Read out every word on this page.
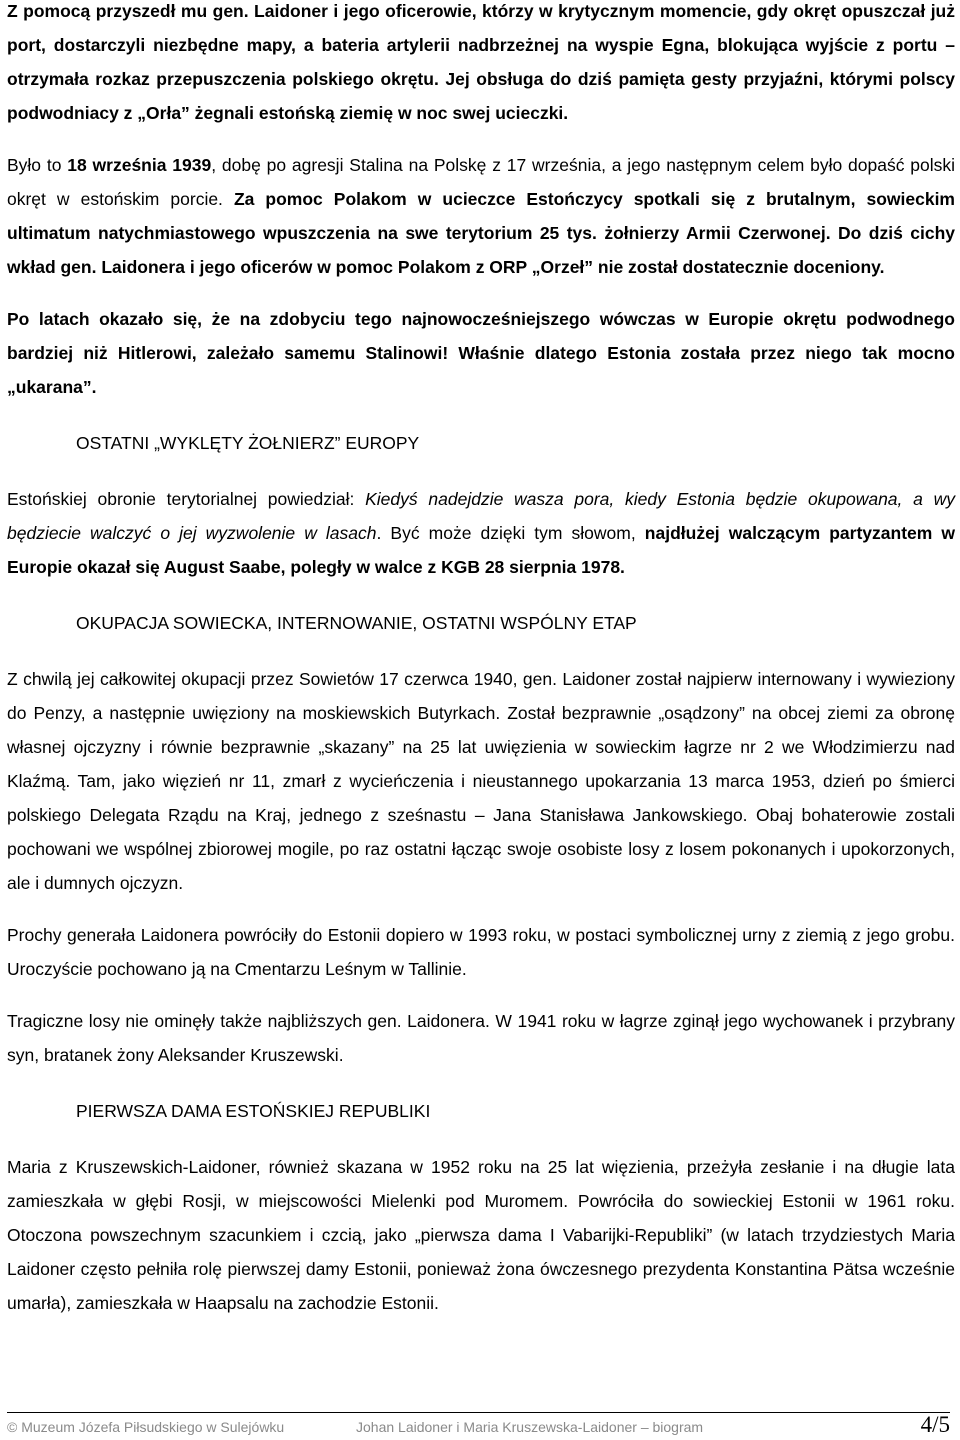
Z pomocą przyszedł mu gen. Laidoner i jego oficerowie, którzy w krytycznym momencie, gdy okręt opuszczał już port, dostarczyli niezbędne mapy, a bateria artylerii nadbrzeżnej na wyspie Egna, blokująca wyjście z portu – otrzymała rozkaz przepuszczenia polskiego okrętu. Jej obsługa do dziś pamięta gesty przyjaźni, którymi polscy podwodniacy z „Orła” żegnali estońską ziemię w noc swej ucieczki.

Było to 18 września 1939, dobę po agresji Stalina na Polskę z 17 września, a jego następnym celem było dopaść polski okręt w estońskim porcie. Za pomoc Polakom w ucieczce Estończycy spotkali się z brutalnym, sowieckim ultimatum natychmiastowego wpuszczenia na swe terytorium 25 tys. żołnierzy Armii Czerwonej. Do dziś cichy wkład gen. Laidonera i jego oficerów w pomoc Polakom z ORP „Orzeł” nie został dostatecznie doceniony.

Po latach okazało się, że na zdobyciu tego najnowocześniejszego wówczas w Europie okrętu podwodnego bardziej niż Hitlerowi, zależało samemu Stalinowi! Właśnie dlatego Estonia została przez niego tak mocno „ukarana”.

OSTATNI „WYKLĘTY ŻOŁNIERZ” EUROPY

Estońskiej obronie terytorialnej powiedział: Kiedyś nadejdzie wasza pora, kiedy Estonia będzie okupowana, a wy będziecie walczyć o jej wyzwolenie w lasach. Być może dzięki tym słowom, najdłużej walczącym partyzantem w Europie okazał się August Saabe, poległy w walce z KGB 28 sierpnia 1978.

OKUPACJA SOWIECKA, INTERNOWANIE, OSTATNI WSPÓLNY ETAP

Z chwilą jej całkowitej okupacji przez Sowietów 17 czerwca 1940, gen. Laidoner został najpierw internowany i wywieziony do Penzy, a następnie uwięziony na moskiewskich Butyrkach. Został bezprawnie „osądzony” na obcej ziemi za obronę własnej ojczyzny i równie bezprawnie „skazany” na 25 lat uwięzienia w sowieckim łagrze nr 2 we Włodzimierzu nad Klaźmą. Tam, jako więzień nr 11, zmarł z wycieńczenia i nieustannego upokarzania 13 marca 1953, dzień po śmierci polskiego Delegata Rządu na Kraj, jednego z sześnastu – Jana Stanisława Jankowskiego. Obaj bohaterowie zostali pochowani we wspólnej zbiorowej mogile, po raz ostatni łącząc swoje osobiste losy z losem pokonanych i upokorzonych, ale i dumnych ojczyzn.

Prochy generała Laidonera powróciły do Estonii dopiero w 1993 roku, w postaci symbolicznej urny z ziemią z jego grobu. Uroczyście pochowano ją na Cmentarzu Leśnym w Tallinie.

Tragiczne losy nie ominęły także najbliższych gen. Laidonera. W 1941 roku w łagrze zginął jego wychowanek i przybrany syn, bratanek żony Aleksander Kruszewski.

PIERWSZA DAMA ESTOŃSKIEJ REPUBLIKI

Maria z Kruszewskich-Laidoner, również skazana w 1952 roku na 25 lat więzienia, przeżyła zesłanie i na długie lata zamieszkała w głębi Rosji, w miejscowości Mielenki pod Muromem. Powróciła do sowieckiej Estonii w 1961 roku. Otoczona powszechnym szacunkiem i czcią, jako „pierwsza dama I Vabarijki-Republiki” (w latach trzydziestych Maria Laidoner często pełniła rolę pierwszej damy Estonii, ponieważ żona ówczesnego prezydenta Konstantina Pätsa wcześnie umarła), zamieszkała w Haapsalu na zachodzie Estonii.

© Muzeum Józefa Piłsudskiego w Sulejówku	Johan Laidoner i Maria Kruszewska-Laidoner – biogram	4/5
